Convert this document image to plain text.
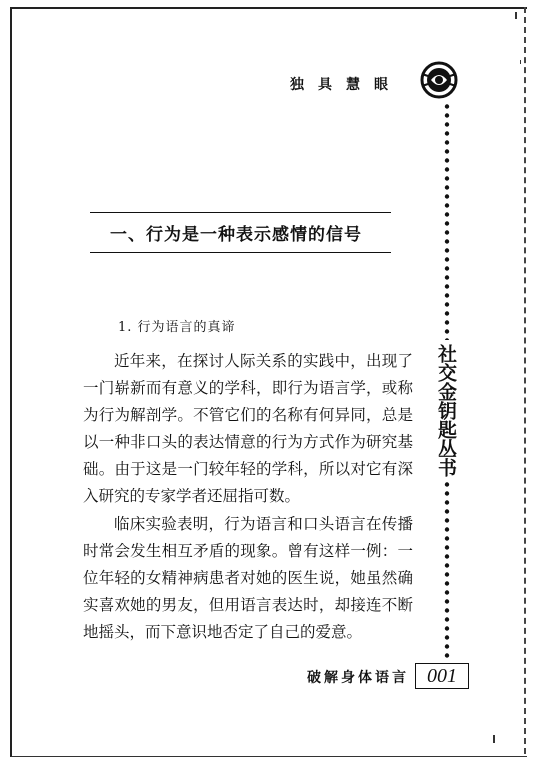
独具慧眼
社交金钥匙丛书
一、行为是一种表示感情的信号
1. 行为语言的真谛

近年来，在探讨人际关系的实践中，出现了一门崭新而有意义的学科，即行为语言学，或称为行为解剖学。不管它们的名称有何异同，总是以一种非口头的表达情意的行为方式作为研究基础。由于这是一门较年轻的学科，所以对它有深入研究的专家学者还屈指可数。

临床实验表明，行为语言和口头语言在传播时常会发生相互矛盾的现象。曾有这样一例：一位年轻的女精神病患者对她的医生说，她虽然确实喜欢她的男友，但用语言表达时，却接连不断地摇头，而下意识地否定了自己的爱意。

破解身体语言 001
